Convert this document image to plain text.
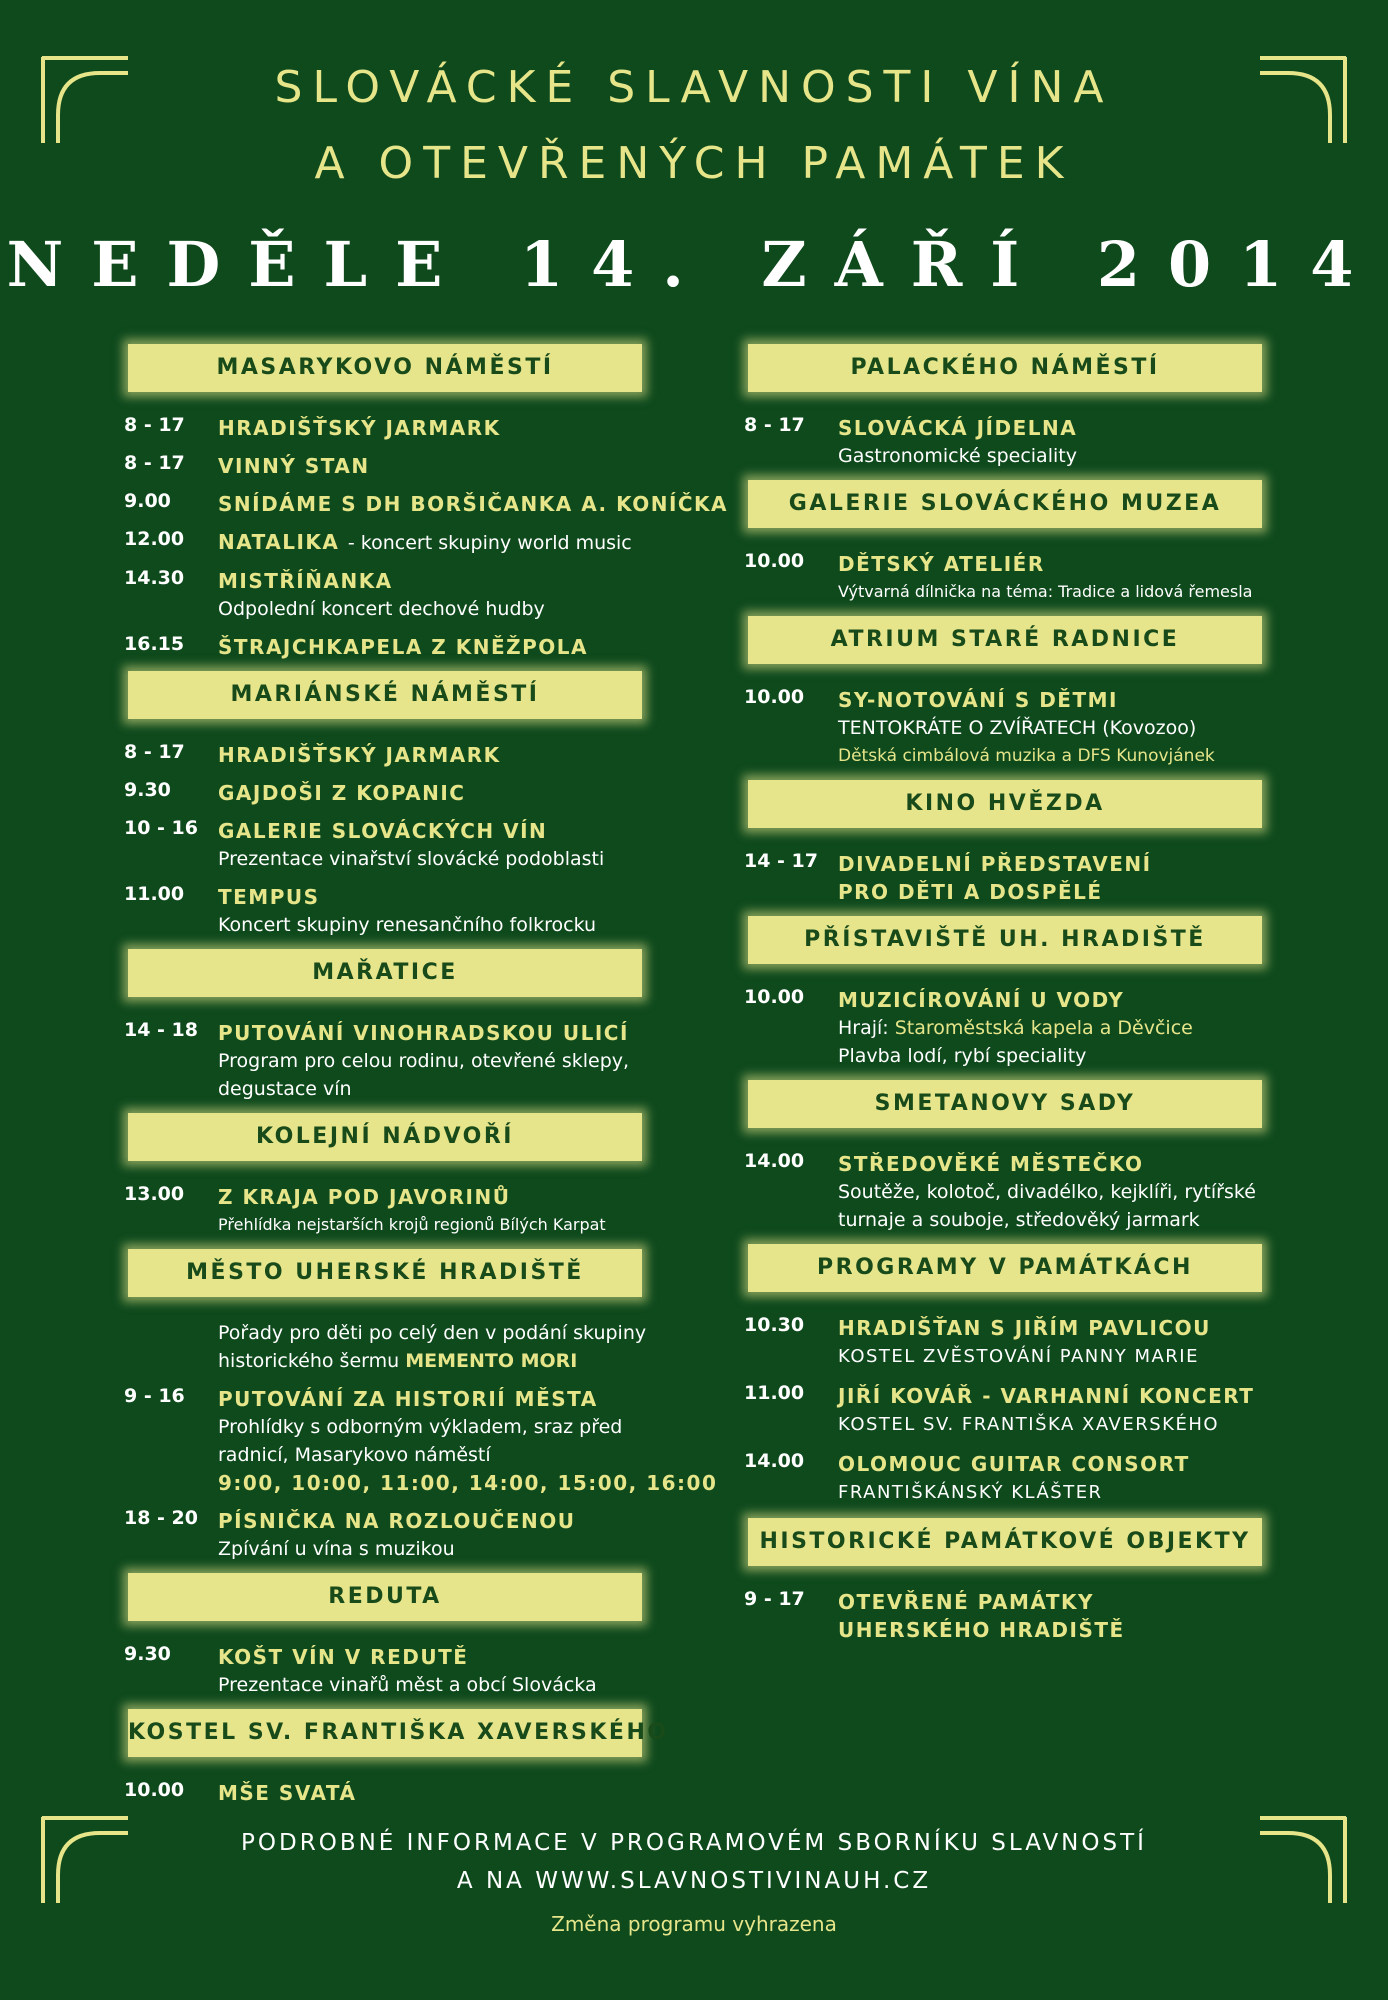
SLOVÁCKÉ SLAVNOSTI VÍNA
A OTEVŘENÝCH PAMÁTEK
NEDĚLE 14. ZÁŘÍ 2014
MASARYKOVO NÁMĚSTÍ
8 - 17	HRADIŠŤSKÝ JARMARK
8 - 17	VINNÝ STAN
9.00	SNÍDÁME S DH BORŠIČANKA A. KONÍČKA
12.00	NATALIKA - koncert skupiny world music
14.30	MISTŘÍŇANKA
Odpolední koncert dechové hudby
16.15	ŠTRAJCHKAPELA Z KNĚŽPOLA
MARIÁNSKÉ NÁMĚSTÍ
8 - 17	HRADIŠŤSKÝ JARMARK
9.30	GAJDOŠI Z KOPANIC
10 - 16	GALERIE SLOVÁCKÝCH VÍN
Prezentace vinařství slovácké podoblasti
11.00	TEMPUS
Koncert skupiny renesančního folkrocku
MAŘATICE
14 - 18	PUTOVÁNÍ VINOHRADSKOU ULICÍ
Program pro celou rodinu, otevřené sklepy, degustace vín
KOLEJNÍ NÁDVOŘÍ
13.00	Z KRAJA POD JAVORINŮ
Přehlídka nejstarších krojů regionů Bílých Karpat
MĚSTO UHERSKÉ HRADIŠTĚ
Pořady pro děti po celý den v podání skupiny historického šermu MEMENTO MORI
9 - 16	PUTOVÁNÍ ZA HISTORIÍ MĚSTA
Prohlídky s odborným výkladem, sraz před radnicí, Masarykovo náměstí
9:00, 10:00, 11:00, 14:00, 15:00, 16:00
18 - 20	PÍSNIČKA NA ROZLOUČENOU
Zpívání u vína s muzikou
REDUTA
9.30	KOŠT VÍN V REDUTĚ
Prezentace vinařů měst a obcí Slovácka
KOSTEL SV. FRANTIŠKA XAVERSKÉHO
10.00	MŠE SVATÁ
PALACKÉHO NÁMĚSTÍ
8 - 17	SLOVÁCKÁ JÍDELNA
Gastronomické speciality
GALERIE SLOVÁCKÉHO MUZEA
10.00	DĚTSKÝ ATELIÉR
Výtvarná dílnička na téma: Tradice a lidová řemesla
ATRIUM STARÉ RADNICE
10.00	SY-NOTOVÁNÍ S DĚTMI
TENTOKRÁTE O ZVÍŘATECH (Kovozoo)
Dětská cimbálová muzika a DFS Kunovjánek
KINO HVĚZDA
14 - 17	DIVADELNÍ PŘEDSTAVENÍ
PRO DĚTI A DOSPĚLÉ
PŘÍSTAVIŠTĚ UH. HRADIŠTĚ
10.00	MUZICÍROVÁNÍ U VODY
Hrají: Staroměstská kapela a Děvčice
Plavba lodí, rybí speciality
SMETANOVY SADY
14.00	STŘEDOVĚKÉ MĚSTEČKO
Soutěže, kolotoč, divadélko, kejklíři, rytířské turnaje a souboje, středověký jarmark
PROGRAMY V PAMÁTKÁCH
10.30	HRADIŠŤAN S JIŘÍM PAVLICOU
KOSTEL ZVĚSTOVÁNÍ PANNY MARIE
11.00	JIŘÍ KOVÁŘ - VARHANNÍ KONCERT
KOSTEL SV. FRANTIŠKA XAVERSKÉHO
14.00	OLOMOUC GUITAR CONSORT
FRANTIŠKÁNSKÝ KLÁŠTER
HISTORICKÉ PAMÁTKOVÉ OBJEKTY
9 - 17	OTEVŘENÉ PAMÁTKY
UHERSKÉHO HRADIŠTĚ
PODROBNÉ INFORMACE V PROGRAMOVÉM SBORNÍKU SLAVNOSTÍ
A NA WWW.SLAVNOSTIVINAUH.CZ
Změna programu vyhrazena
